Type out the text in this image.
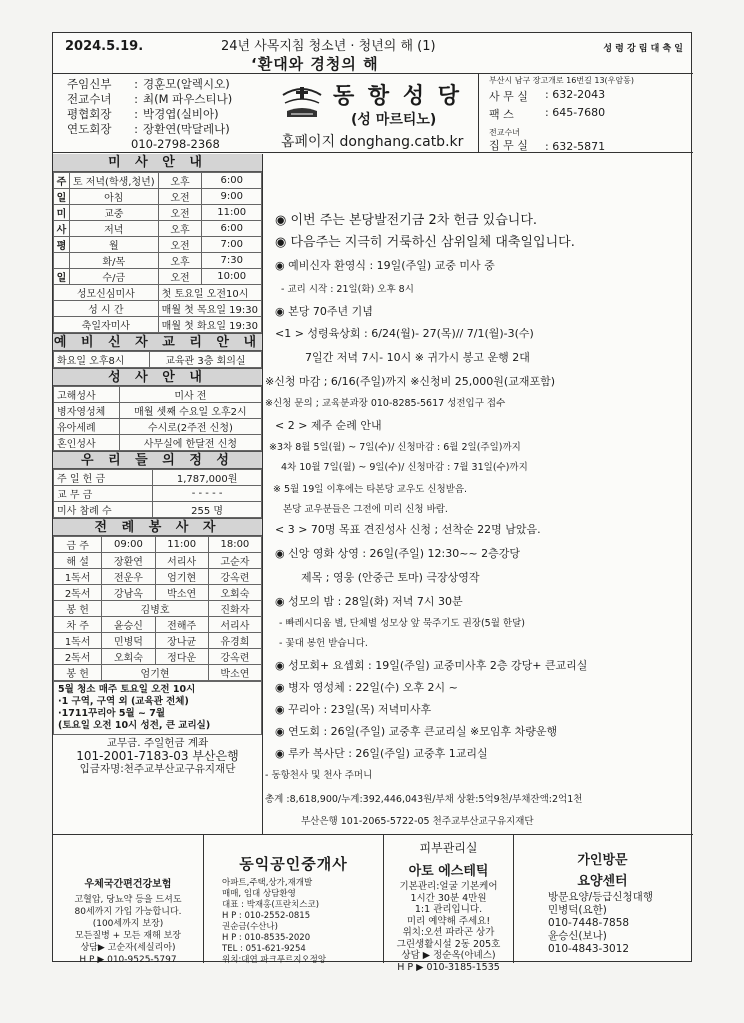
2024.5.19.	24년 사목지침 청소년 · 청년의 해 (1)
‘환대와 경청의 해
성 령 강 림 대 축 일
주임신부	: 경훈모(알렉시오)
전교수녀	: 최(M 파우스티나)
평협회장	: 박경엽(실비아)
연도회장	: 장환연(막달레나)
010-2798-2368
동 항 성 당
(성 마르티노)
홈페이지 donghang.catb.kr
부산시 남구 장고개로 16번길 13(우암동)
사 무 실	: 632-2043
팩 스	: 645-7680
전교수녀
집 무 실	: 632-5871
미 사 안 내
주	토 저녁(학생,청년)	오후	6:00
일	아침	오전	9:00
미	교중	오전	11:00
사	저녁	오후	6:00
평	월	오전	7:00
	화/목	오후	7:30
일	수/금	오전	10:00
성모신심미사		첫 토요일 오전10시	
성 시 간		매월 첫 목요일 19:30	
축일자미사		매월 첫 화요일 19:30	
예 비 신 자 교 리 안 내
화요일 오후8시	교육관 3층 회의실
성 사 안 내
고해성사	미사 전
병자영성체	매월 셋째 수요일 오후2시
유아세례	수시로(2주전 신청)
혼인성사	사무실에 한달전 신청
우 리 들 의 정 성
주 일 헌 금	1,787,000원
교 무 금	- - - - -
미사 참례 수	255 명
전 례 봉 사 자
금 주	09:00	11:00	18:00
해 설	장환연	서리사	고순자
1독서	전운우	엄기현	강옥련
2독서	강남옥	박소연	오회숙
봉 헌	김병호		진화자
차 주	윤승신	전해주	서리사
1독서	민병덕	장나균	유경희
2독서	오회숙	정다운	강옥련
봉 헌	엄기현		박소연
5월 청소 매주 토요일 오전 10시
·1 구역, 구역 외 (교육관 전체)
·1711꾸리아 5월 ~ 7월
(토요일 오전 10시 성전, 큰 교리실)
교무금. 주일헌금 계좌
101-2001-7183-03 부산은행
입금자명:천주교부산교구유지재단
◉ 이번 주는 본당발전기금 2차 헌금 있습니다.
◉ 다음주는 지극히 거룩하신 삼위일체 대축일입니다.
◉ 예비신자 환영식 : 19일(주일) 교중 미사 중
- 교리 시작 : 21일(화) 오후 8시
◉ 본당 70주년 기념
<1 > 성령육상회 : 6/24(월)- 27(목)// 7/1(월)-3(수)
7일간 저녁 7시- 10시 ※ 귀가시 봉고 운행 2대
※신청 마감 ; 6/16(주일)까지 ※신청비 25,000원(교재포함)
※신청 문의 ; 교육분과장 010-8285-5617 성전입구 접수
< 2 > 제주 순례 안내
※3차 8월 5일(월) ~ 7일(수)/ 신청마감 : 6월 2일(주일)까지
4차 10월 7일(월) ~ 9일(수)/ 신청마감 : 7월 31일(수)까지
※ 5월 19일 이후에는 타본당 교우도 신청받음.
본당 교우분들은 그전에 미리 신청 바람.
< 3 > 70명 목표 견진성사 신청 ; 선착순 22명 남았음.
◉ 신앙 영화 상영 : 26일(주일) 12:30~~ 2층강당
제목 ; 영웅 (안중근 토마) 극장상영작
◉ 성모의 밤 : 28일(화) 저녁 7시 30분
- 빠레시디움 별, 단체별 성모상 앞 묵주기도 권장(5월 한달)
- 꽃대 봉헌 받습니다.
◉ 성모회+ 요셉회 : 19일(주일) 교중미사후 2층 강당+ 큰교리실
◉ 병자 영성체 : 22일(수) 오후 2시 ~
◉ 꾸리아 : 23일(목) 저녁미사후
◉ 연도회 : 26일(주일) 교중후 큰교리실 ※모임후 차량운행
◉ 루카 복사단 : 26일(주일) 교중후 1교리실
- 동항천사 및 천사 주머니
총계 :8,618,900/누계:392,446,043원/부채 상환:5억9천/부채잔액:2억1천
부산은행 101-2065-5722-05 천주교부산교구유지재단
우체국간편건강보험
고혈압, 당뇨약 등을 드셔도
80세까지 가입 가능합니다.
(100세까지 보장)
모든질병 + 모든 재해 보장
상담▶ 고순자(세실리아)
H P ▶ 010-9525-5797
동익공인중개사
아파트,주택,상가,재개발
매매, 임대 상담환영
대표 : 박재홍(프란치스코)
H P : 010-2552-0815
권순금(수산나)
H P : 010-8535-2020
TEL : 051-621-9254
위치:대연 파크푸르지오정앙
피부관리실
아토 에스테틱
기본관리:얼굴 기본케어
1시간 30분 4만원
1:1 관리입니다.
미리 예약해 주세요!
위치:오션 파라곤 상가
그린생활시설 2동 205호
상담 ▶ 정순옥(아녜스)
H P ▶ 010-3185-1535
가인방문
요양센터
방문요양/등급신청대행
민병덕(요한)
010-7448-7858
윤승신(보나)
010-4843-3012
